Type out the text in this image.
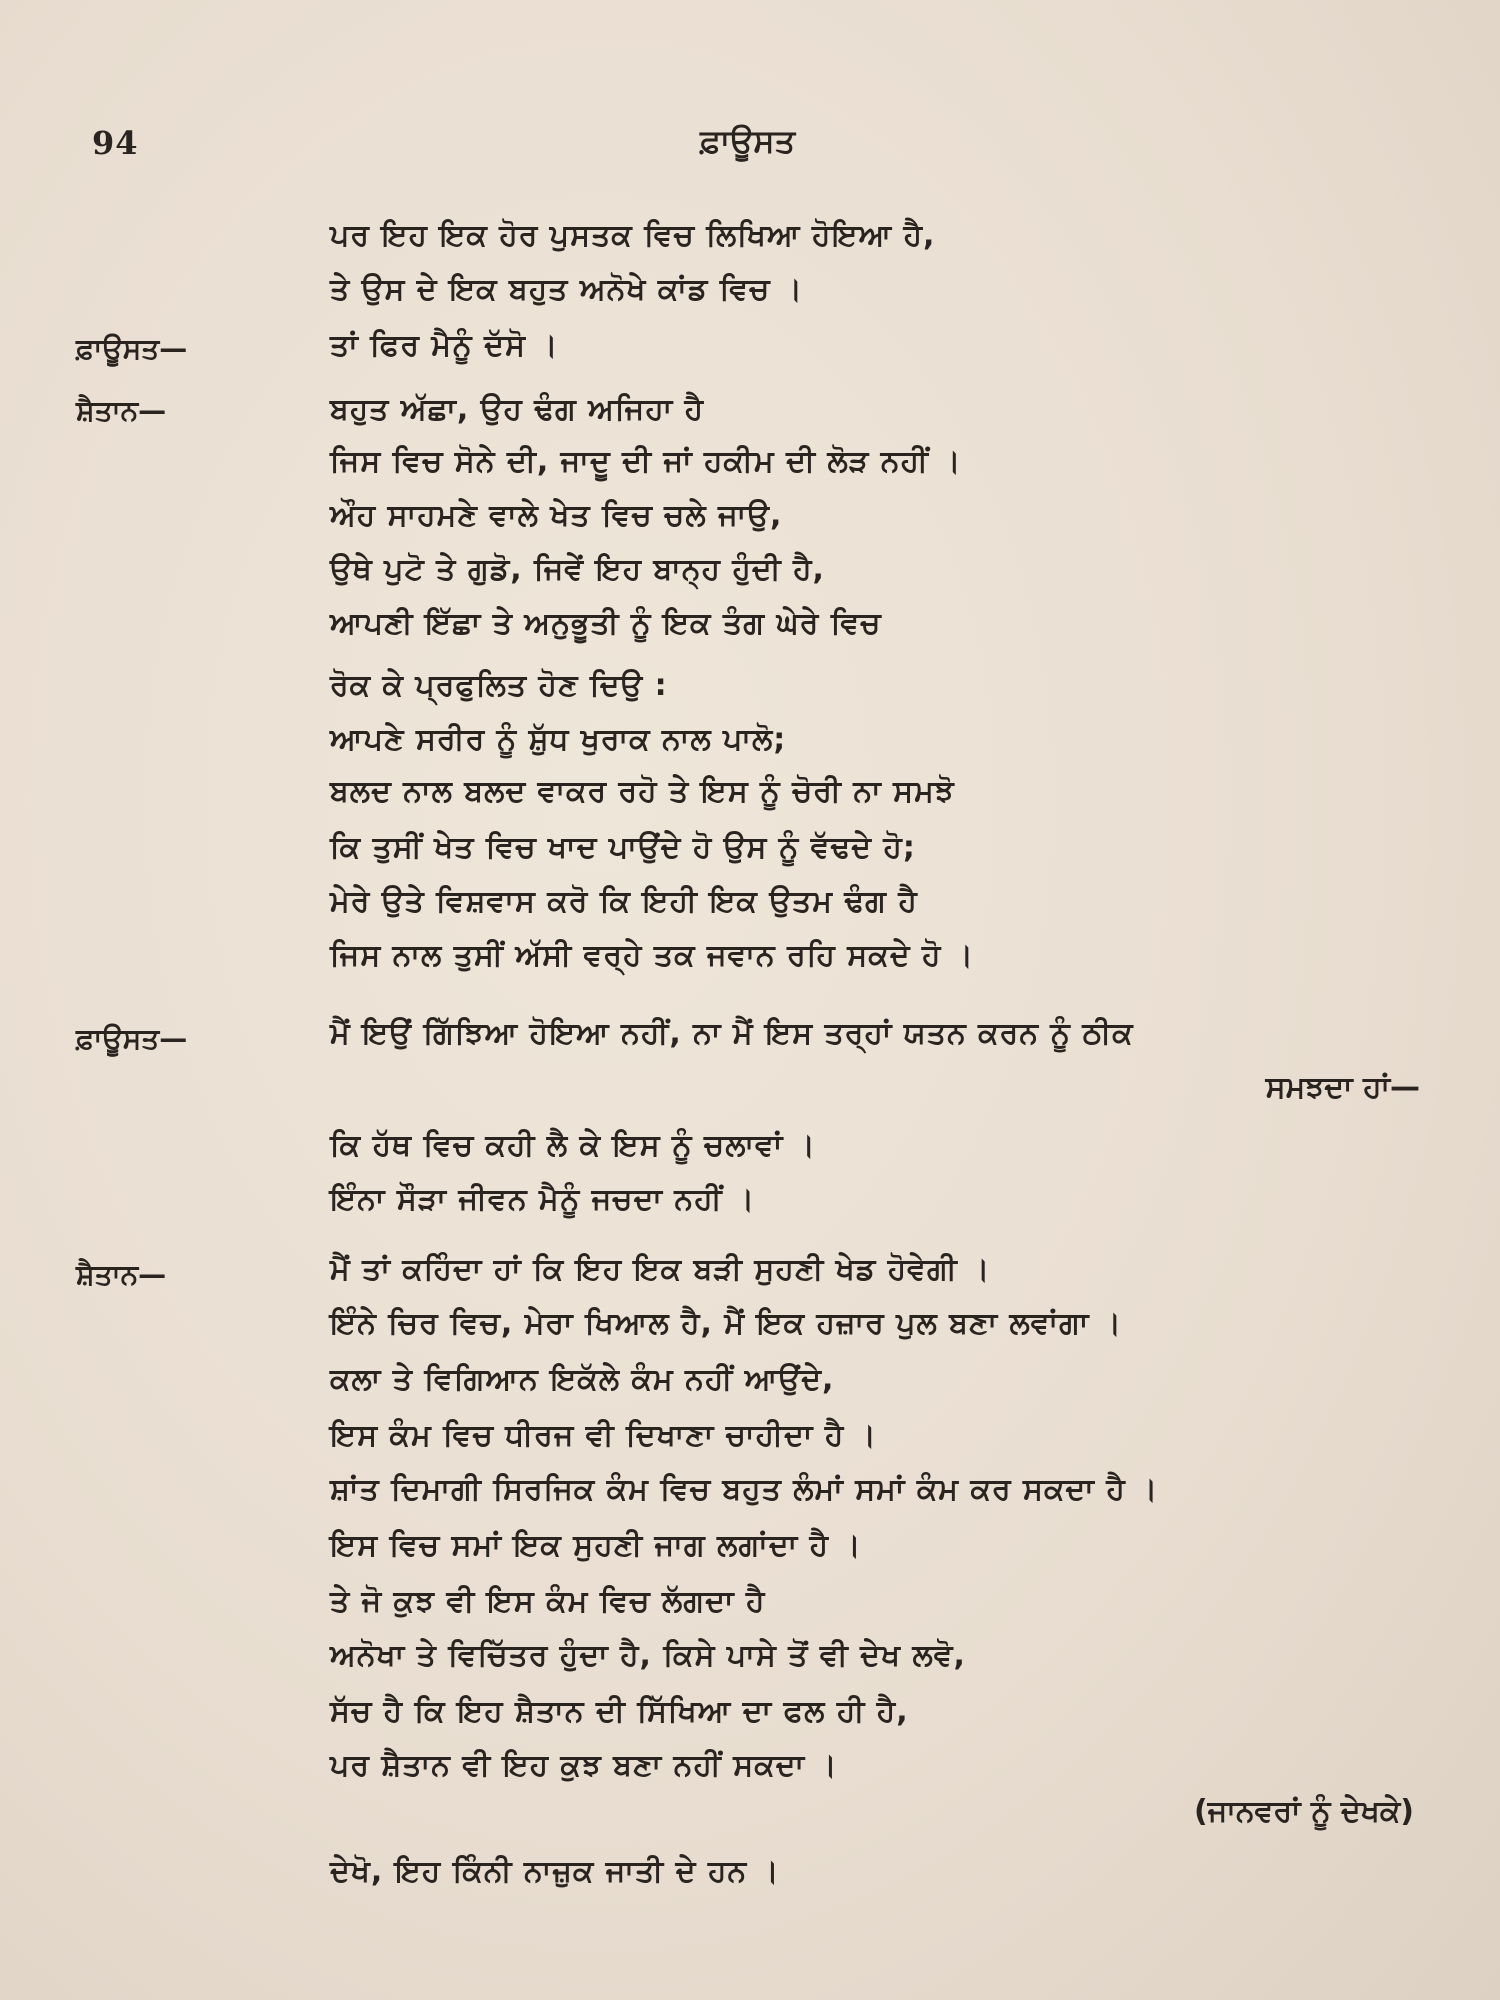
94	ਫ਼ਾਊਸਤ
ਫ਼ਾਊਸਤ—
ਸ਼ੈਤਾਨ—
ਫ਼ਾਊਸਤ—
ਸ਼ੈਤਾਨ—
ਪਰ ਇਹ ਇਕ ਹੋਰ ਪੁਸਤਕ ਵਿਚ ਲਿਖਿਆ ਹੋਇਆ ਹੈ,
ਤੇ ਉਸ ਦੇ ਇਕ ਬਹੁਤ ਅਨੋਖੇ ਕਾਂਡ ਵਿਚ ।
ਤਾਂ ਫਿਰ ਮੈਨੂੰ ਦੱਸੋ ।
ਬਹੁਤ ਅੱਛਾ, ਉਹ ਢੰਗ ਅਜਿਹਾ ਹੈ
ਜਿਸ ਵਿਚ ਸੋਨੇ ਦੀ, ਜਾਦੂ ਦੀ ਜਾਂ ਹਕੀਮ ਦੀ ਲੋੜ ਨਹੀਂ ।
ਔਹ ਸਾਹਮਣੇ ਵਾਲੇ ਖੇਤ ਵਿਚ ਚਲੇ ਜਾਉ,
ਉਥੇ ਪੁਟੋ ਤੇ ਗੁਡੋ, ਜਿਵੇਂ ਇਹ ਬਾਨ੍ਹ ਹੁੰਦੀ ਹੈ,
ਆਪਣੀ ਇੱਛਾ ਤੇ ਅਨੁਭੂਤੀ ਨੂੰ ਇਕ ਤੰਗ ਘੇਰੇ ਵਿਚ
ਰੋਕ ਕੇ ਪ੍ਰਫੁਲਿਤ ਹੋਣ ਦਿਉ :
ਆਪਣੇ ਸਰੀਰ ਨੂੰ ਸ਼ੁੱਧ ਖੁਰਾਕ ਨਾਲ ਪਾਲੋ;
ਬਲਦ ਨਾਲ ਬਲਦ ਵਾਕਰ ਰਹੋ ਤੇ ਇਸ ਨੂੰ ਚੋਰੀ ਨਾ ਸਮਝੋ
ਕਿ ਤੁਸੀਂ ਖੇਤ ਵਿਚ ਖਾਦ ਪਾਉਂਦੇ ਹੋ ਉਸ ਨੂੰ ਵੱਢਦੇ ਹੋ;
ਮੇਰੇ ਉਤੇ ਵਿਸ਼ਵਾਸ ਕਰੋ ਕਿ ਇਹੀ ਇਕ ਉਤਮ ਢੰਗ ਹੈ
ਜਿਸ ਨਾਲ ਤੁਸੀਂ ਅੱਸੀ ਵਰ੍ਹੇ ਤਕ ਜਵਾਨ ਰਹਿ ਸਕਦੇ ਹੋ ।
ਮੈਂ ਇਉਂ ਗਿੱਝਿਆ ਹੋਇਆ ਨਹੀਂ, ਨਾ ਮੈਂ ਇਸ ਤਰ੍ਹਾਂ ਯਤਨ ਕਰਨ ਨੂੰ ਠੀਕ
ਸਮਝਦਾ ਹਾਂ—
ਕਿ ਹੱਥ ਵਿਚ ਕਹੀ ਲੈ ਕੇ ਇਸ ਨੂੰ ਚਲਾਵਾਂ ।
ਇੰਨਾ ਸੌੜਾ ਜੀਵਨ ਮੈਨੂੰ ਜਚਦਾ ਨਹੀਂ ।
ਮੈਂ ਤਾਂ ਕਹਿੰਦਾ ਹਾਂ ਕਿ ਇਹ ਇਕ ਬੜੀ ਸੁਹਣੀ ਖੇਡ ਹੋਵੇਗੀ ।
ਇੰਨੇ ਚਿਰ ਵਿਚ, ਮੇਰਾ ਖਿਆਲ ਹੈ, ਮੈਂ ਇਕ ਹਜ਼ਾਰ ਪੁਲ ਬਣਾ ਲਵਾਂਗਾ ।
ਕਲਾ ਤੇ ਵਿਗਿਆਨ ਇਕੱਲੇ ਕੰਮ ਨਹੀਂ ਆਉਂਦੇ,
ਇਸ ਕੰਮ ਵਿਚ ਧੀਰਜ ਵੀ ਦਿਖਾਣਾ ਚਾਹੀਦਾ ਹੈ ।
ਸ਼ਾਂਤ ਦਿਮਾਗੀ ਸਿਰਜਿਕ ਕੰਮ ਵਿਚ ਬਹੁਤ ਲੰਮਾਂ ਸਮਾਂ ਕੰਮ ਕਰ ਸਕਦਾ ਹੈ ।
ਇਸ ਵਿਚ ਸਮਾਂ ਇਕ ਸੁਹਣੀ ਜਾਗ ਲਗਾਂਦਾ ਹੈ ।
ਤੇ ਜੋ ਕੁਝ ਵੀ ਇਸ ਕੰਮ ਵਿਚ ਲੱਗਦਾ ਹੈ
ਅਨੋਖਾ ਤੇ ਵਿਚਿੱਤਰ ਹੁੰਦਾ ਹੈ, ਕਿਸੇ ਪਾਸੇ ਤੋਂ ਵੀ ਦੇਖ ਲਵੋ,
ਸੱਚ ਹੈ ਕਿ ਇਹ ਸ਼ੈਤਾਨ ਦੀ ਸਿੱਖਿਆ ਦਾ ਫਲ ਹੀ ਹੈ,
ਪਰ ਸ਼ੈਤਾਨ ਵੀ ਇਹ ਕੁਝ ਬਣਾ ਨਹੀਂ ਸਕਦਾ ।
(ਜਾਨਵਰਾਂ ਨੂੰ ਦੇਖਕੇ)
ਦੇਖੋ, ਇਹ ਕਿੰਨੀ ਨਾਜ਼ੁਕ ਜਾਤੀ ਦੇ ਹਨ ।
